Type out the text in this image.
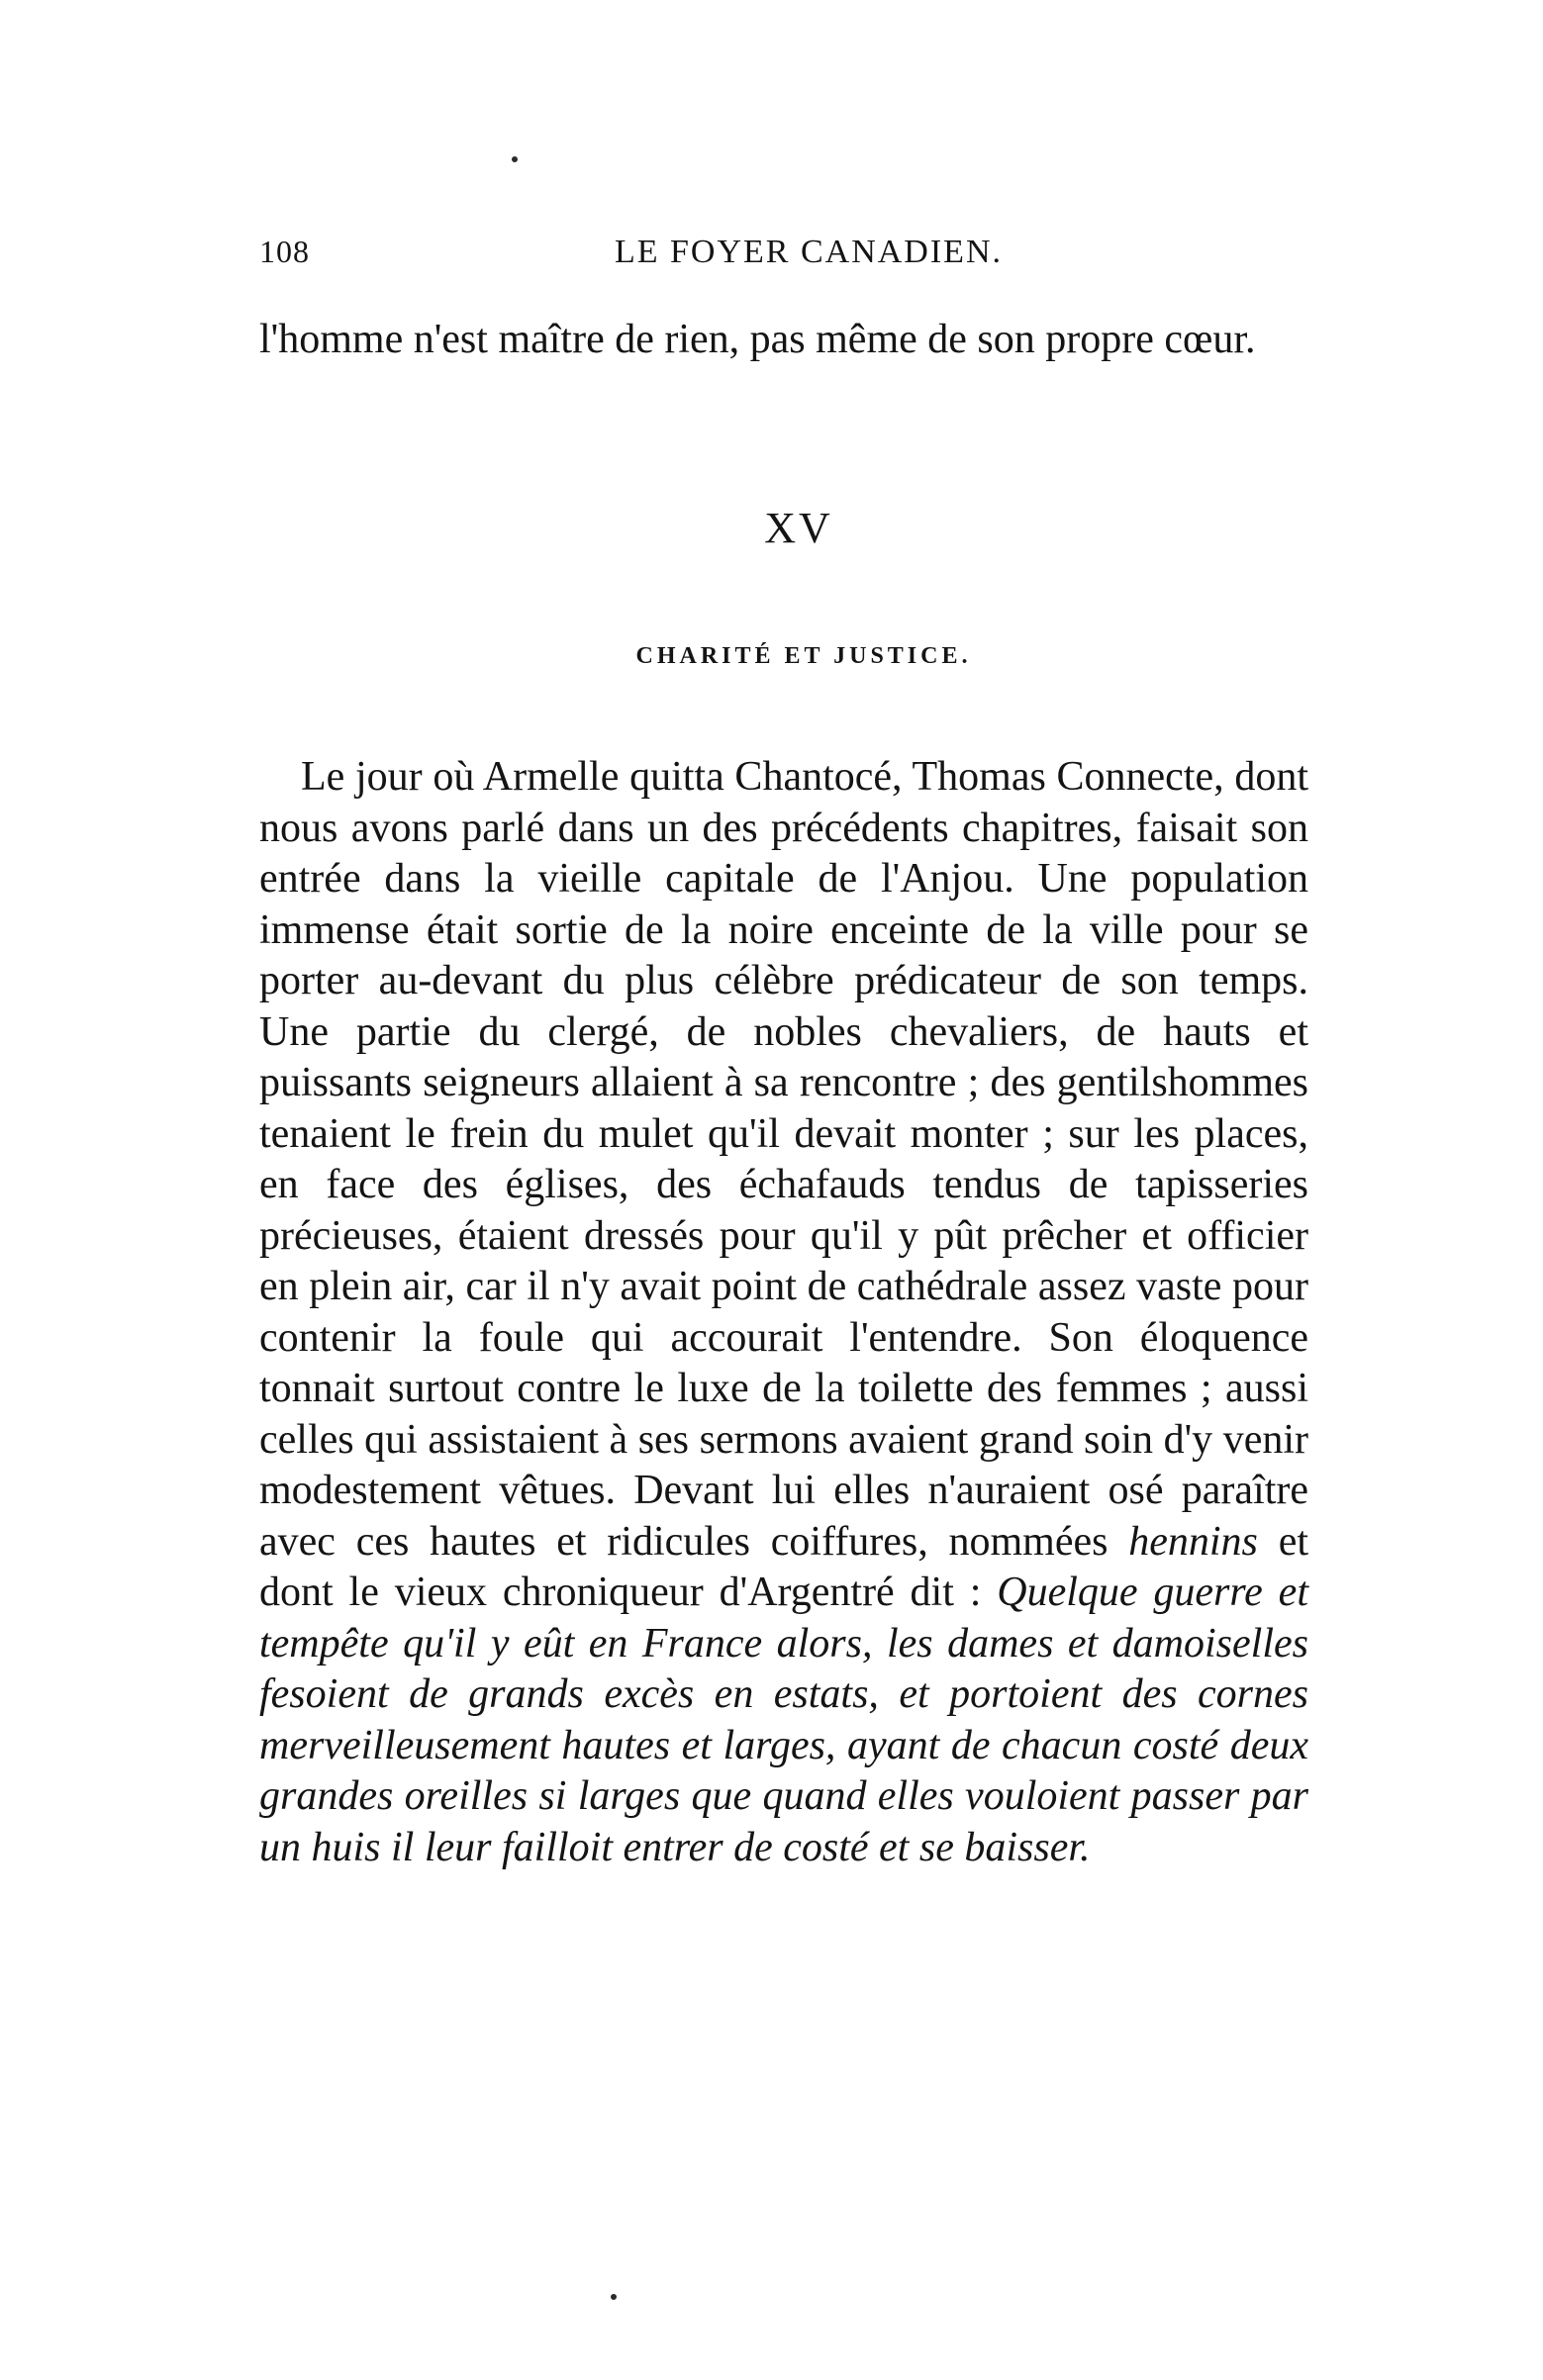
108	LE FOYER CANADIEN.

l'homme n'est maître de rien, pas même de son propre cœur.

XV
CHARITÉ ET JUSTICE.

Le jour où Armelle quitta Chantocé, Thomas Connecte, dont nous avons parlé dans un des précédents chapitres, faisait son entrée dans la vieille capitale de l'Anjou. Une population immense était sortie de la noire enceinte de la ville pour se porter au-devant du plus célèbre prédicateur de son temps. Une partie du clergé, de nobles chevaliers, de hauts et puissants seigneurs allaient à sa rencontre ; des gentilshommes tenaient le frein du mulet qu'il devait monter ; sur les places, en face des églises, des échafauds tendus de tapisseries précieuses, étaient dressés pour qu'il y pût prêcher et officier en plein air, car il n'y avait point de cathédrale assez vaste pour contenir la foule qui accourait l'entendre. Son éloquence tonnait surtout contre le luxe de la toilette des femmes ; aussi celles qui assistaient à ses sermons avaient grand soin d'y venir modestement vêtues. Devant lui elles n'auraient osé paraître avec ces hautes et ridicules coiffures, nommées hennins et dont le vieux chroniqueur d'Argentré dit : Quelque guerre et tempête qu'il y eût en France alors, les dames et damoiselles fesoient de grands excès en estats, et portoient des cornes merveilleusement hautes et larges, ayant de chacun costé deux grandes oreilles si larges que quand elles vouloient passer par un huis il leur failloit entrer de costé et se baisser.
